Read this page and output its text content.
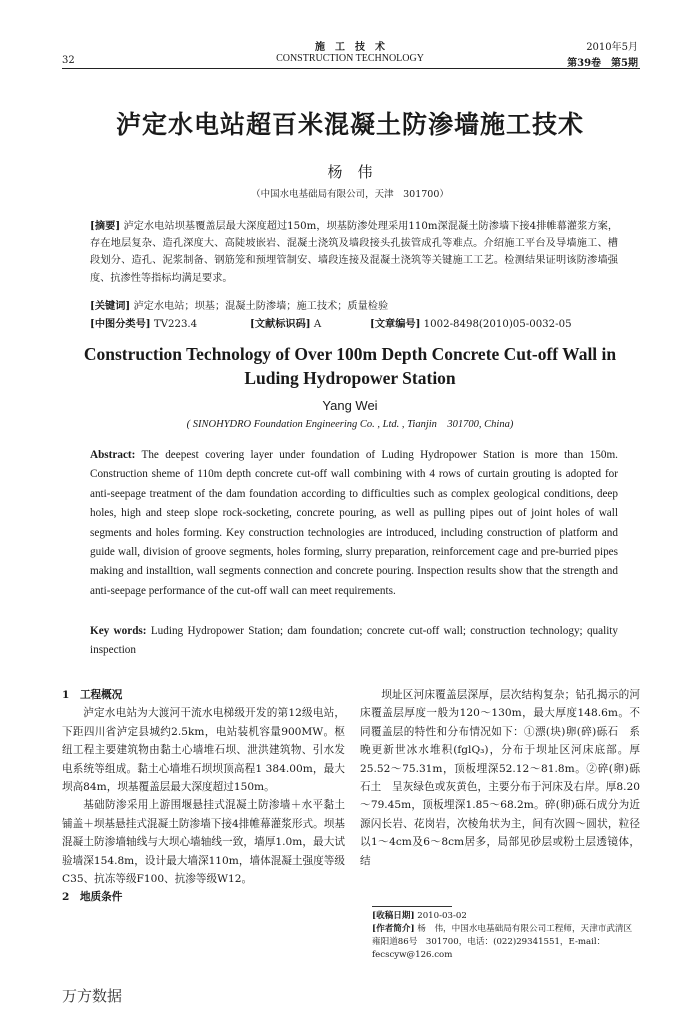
32
施　工　技　术
CONSTRUCTION TECHNOLOGY
2010年5月
第39卷　第5期
泸定水电站超百米混凝土防渗墙施工技术
杨　伟
（中国水电基础局有限公司，天津　301700）
[摘要] 泸定水电站坝基覆盖层最大深度超过150m，坝基防渗处理采用110m深混凝土防渗墙下接4排帷幕灌浆方案，存在地层复杂、造孔深度大、高陡坡嵌岩、混凝土浇筑及墙段接头孔拔管成孔等难点。介绍施工平台及导墙施工、槽段划分、造孔、泥浆制备、钢筋笼和预埋管制安、墙段连接及混凝土浇筑等关键施工工艺。检测结果证明该防渗墙强度、抗渗性等指标均满足要求。
[关键词] 泸定水电站；坝基；混凝土防渗墙；施工技术；质量检验
[中图分类号] TV223.4	[文献标识码] A	[文章编号] 1002-8498(2010)05-0032-05
Construction Technology of Over 100m Depth Concrete Cut-off Wall in Luding Hydropower Station
Yang Wei
( SINOHYDRO Foundation Engineering Co. , Ltd. , Tianjin　301700, China)
Abstract: The deepest covering layer under foundation of Luding Hydropower Station is more than 150m. Construction sheme of 110m depth concrete cut-off wall combining with 4 rows of curtain grouting is adopted for anti-seepage treatment of the dam foundation according to difficulties such as complex geological conditions, deep holes, high and steep slope rock-socketing, concrete pouring, as well as pulling pipes out of joint holes of wall segments and holes forming. Key construction technologies are introduced, including construction of platform and guide wall, division of groove segments, holes forming, slurry preparation, reinforcement cage and pre-burried pipes making and installtion, wall segments connection and concrete pouring. Inspection results show that the strength and anti-seepage performance of the cut-off wall can meet requirements.
Key words: Luding Hydropower Station; dam foundation; concrete cut-off wall; construction technology; quality inspection

1　工程概况

泸定水电站为大渡河干流水电梯级开发的第12级电站，下距四川省泸定县城约2.5km，电站装机容量900MW。枢纽工程主要建筑物由黏土心墙堆石坝、泄洪建筑物、引水发电系统等组成。黏土心墙堆石坝坝顶高程1 384.00m，最大坝高84m，坝基覆盖层最大深度超过150m。

基础防渗采用上游围堰悬挂式混凝土防渗墙＋水平黏土铺盖＋坝基悬挂式混凝土防渗墙下接4排帷幕灌浆形式。坝基混凝土防渗墙轴线与大坝心墙轴线一致，墙厚1.0m，最大试验墙深154.8m，设计最大墙深110m，墙体混凝土强度等级C35、抗冻等级F100、抗渗等级W12。

2　地质条件

坝址区河床覆盖层深厚，层次结构复杂；钻孔揭示的河床覆盖层厚度一般为120～130m，最大厚度148.6m。不同覆盖层的特性和分布情况如下：①漂(块)卵(碎)砾石　系晚更新世冰水堆积(fglQ₃)，分布于坝址区河床底部。厚25.52～75.31m，顶板埋深52.12～81.8m。②碎(卵)砾石土　呈灰绿色或灰黄色，主要分布于河床及右岸。厚8.20～79.45m，顶板埋深1.85～68.2m。碎(卵)砾石成分为近源闪长岩、花岗岩，次棱角状为主，间有次圆～圆状，粒径以1～4cm及6～8cm居多，局部见砂层或粉土层透镜体，结

[收稿日期] 2010-03-02
[作者简介] 杨　伟，中国水电基础局有限公司工程师，天津市武清区雍阳道86号　301700，电话：(022)29341551，E-mail：fecscyw@126.com
万方数据
